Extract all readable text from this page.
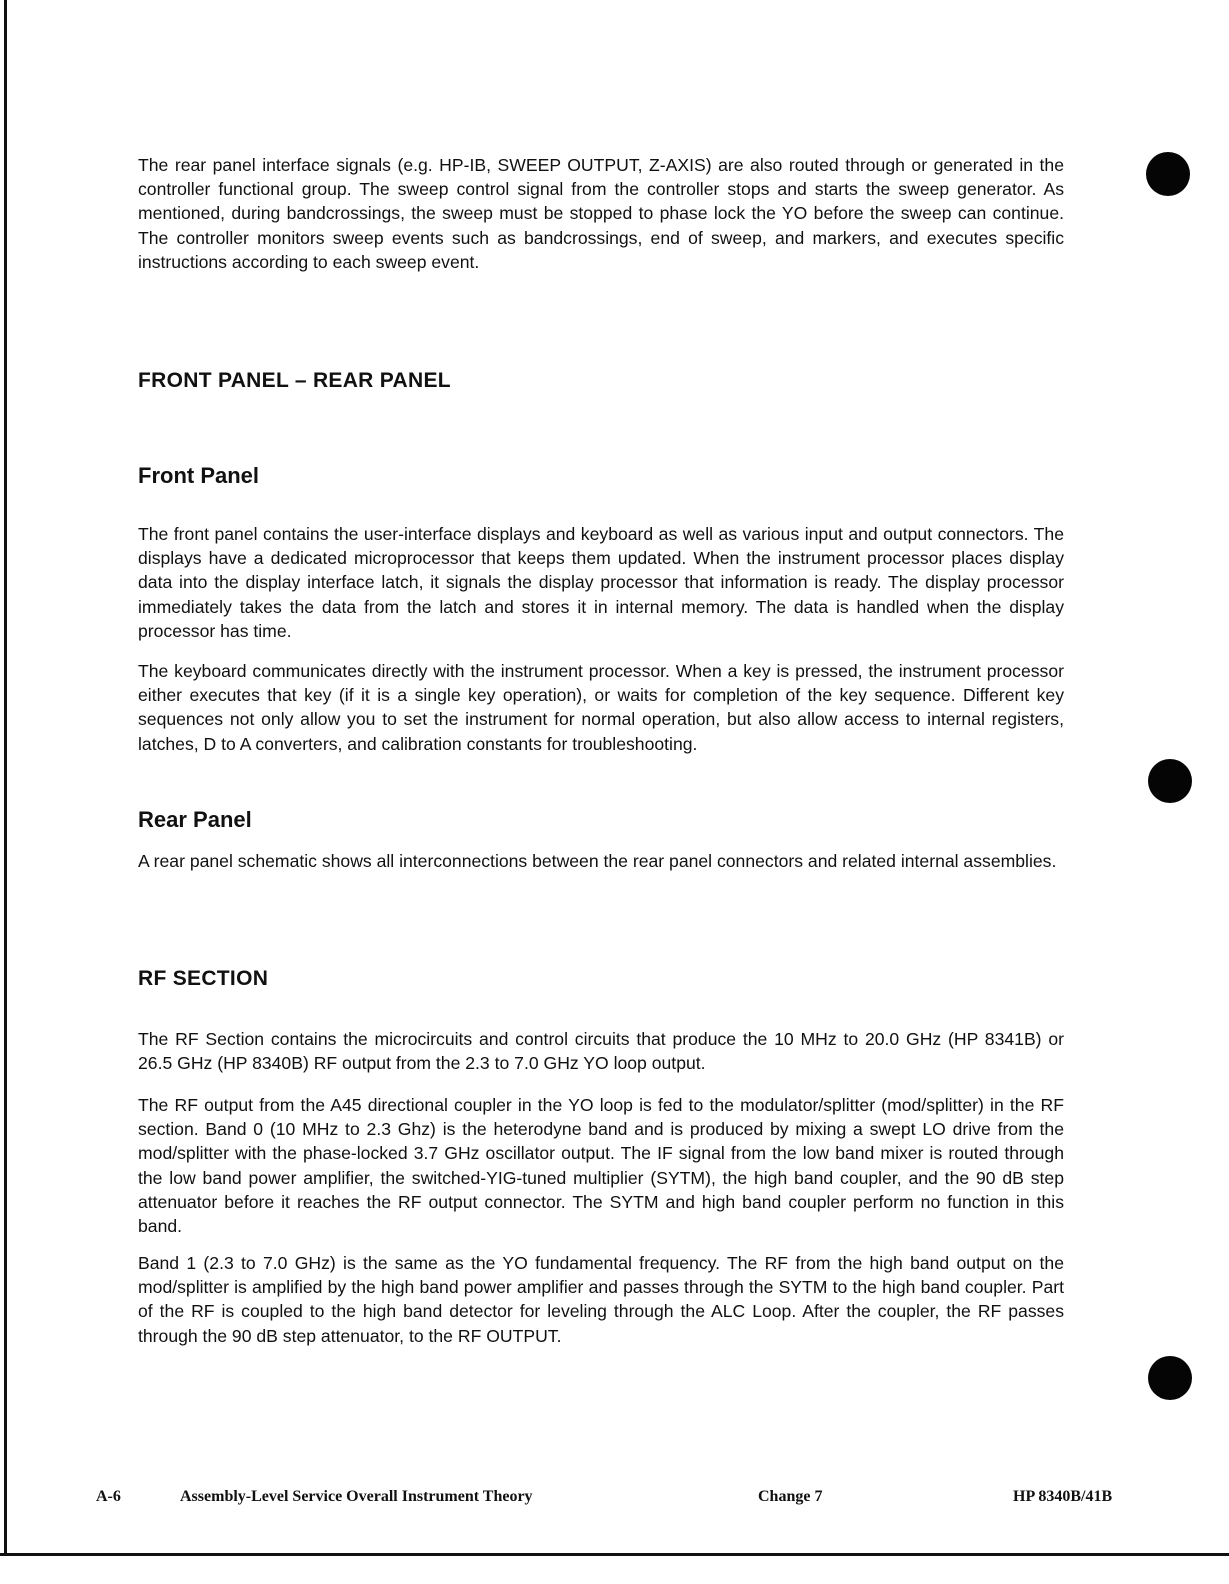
The rear panel interface signals (e.g. HP-IB, SWEEP OUTPUT, Z-AXIS) are also routed through or generated in the controller functional group. The sweep control signal from the controller stops and starts the sweep generator. As mentioned, during bandcrossings, the sweep must be stopped to phase lock the YO before the sweep can continue. The controller monitors sweep events such as bandcrossings, end of sweep, and markers, and executes specific instructions according to each sweep event.

FRONT PANEL – REAR PANEL
Front Panel

The front panel contains the user-interface displays and keyboard as well as various input and output connectors. The displays have a dedicated microprocessor that keeps them updated. When the instrument processor places display data into the display interface latch, it signals the display processor that information is ready. The display processor immediately takes the data from the latch and stores it in internal memory. The data is handled when the display processor has time.

The keyboard communicates directly with the instrument processor. When a key is pressed, the instrument processor either executes that key (if it is a single key operation), or waits for completion of the key sequence. Different key sequences not only allow you to set the instrument for normal operation, but also allow access to internal registers, latches, D to A converters, and calibration constants for troubleshooting.

Rear Panel

A rear panel schematic shows all interconnections between the rear panel connectors and related internal assemblies.

RF SECTION

The RF Section contains the microcircuits and control circuits that produce the 10 MHz to 20.0 GHz (HP 8341B) or 26.5 GHz (HP 8340B) RF output from the 2.3 to 7.0 GHz YO loop output.

The RF output from the A45 directional coupler in the YO loop is fed to the modulator/splitter (mod/splitter) in the RF section. Band 0 (10 MHz to 2.3 Ghz) is the heterodyne band and is produced by mixing a swept LO drive from the mod/splitter with the phase-locked 3.7 GHz oscillator output. The IF signal from the low band mixer is routed through the low band power amplifier, the switched-YIG-tuned multiplier (SYTM), the high band coupler, and the 90 dB step attenuator before it reaches the RF output connector. The SYTM and high band coupler perform no function in this band.

Band 1 (2.3 to 7.0 GHz) is the same as the YO fundamental frequency. The RF from the high band output on the mod/splitter is amplified by the high band power amplifier and passes through the SYTM to the high band coupler. Part of the RF is coupled to the high band detector for leveling through the ALC Loop. After the coupler, the RF passes through the 90 dB step attenuator, to the RF OUTPUT.

A-6	Assembly-Level Service Overall Instrument Theory	Change 7	HP 8340B/41B
